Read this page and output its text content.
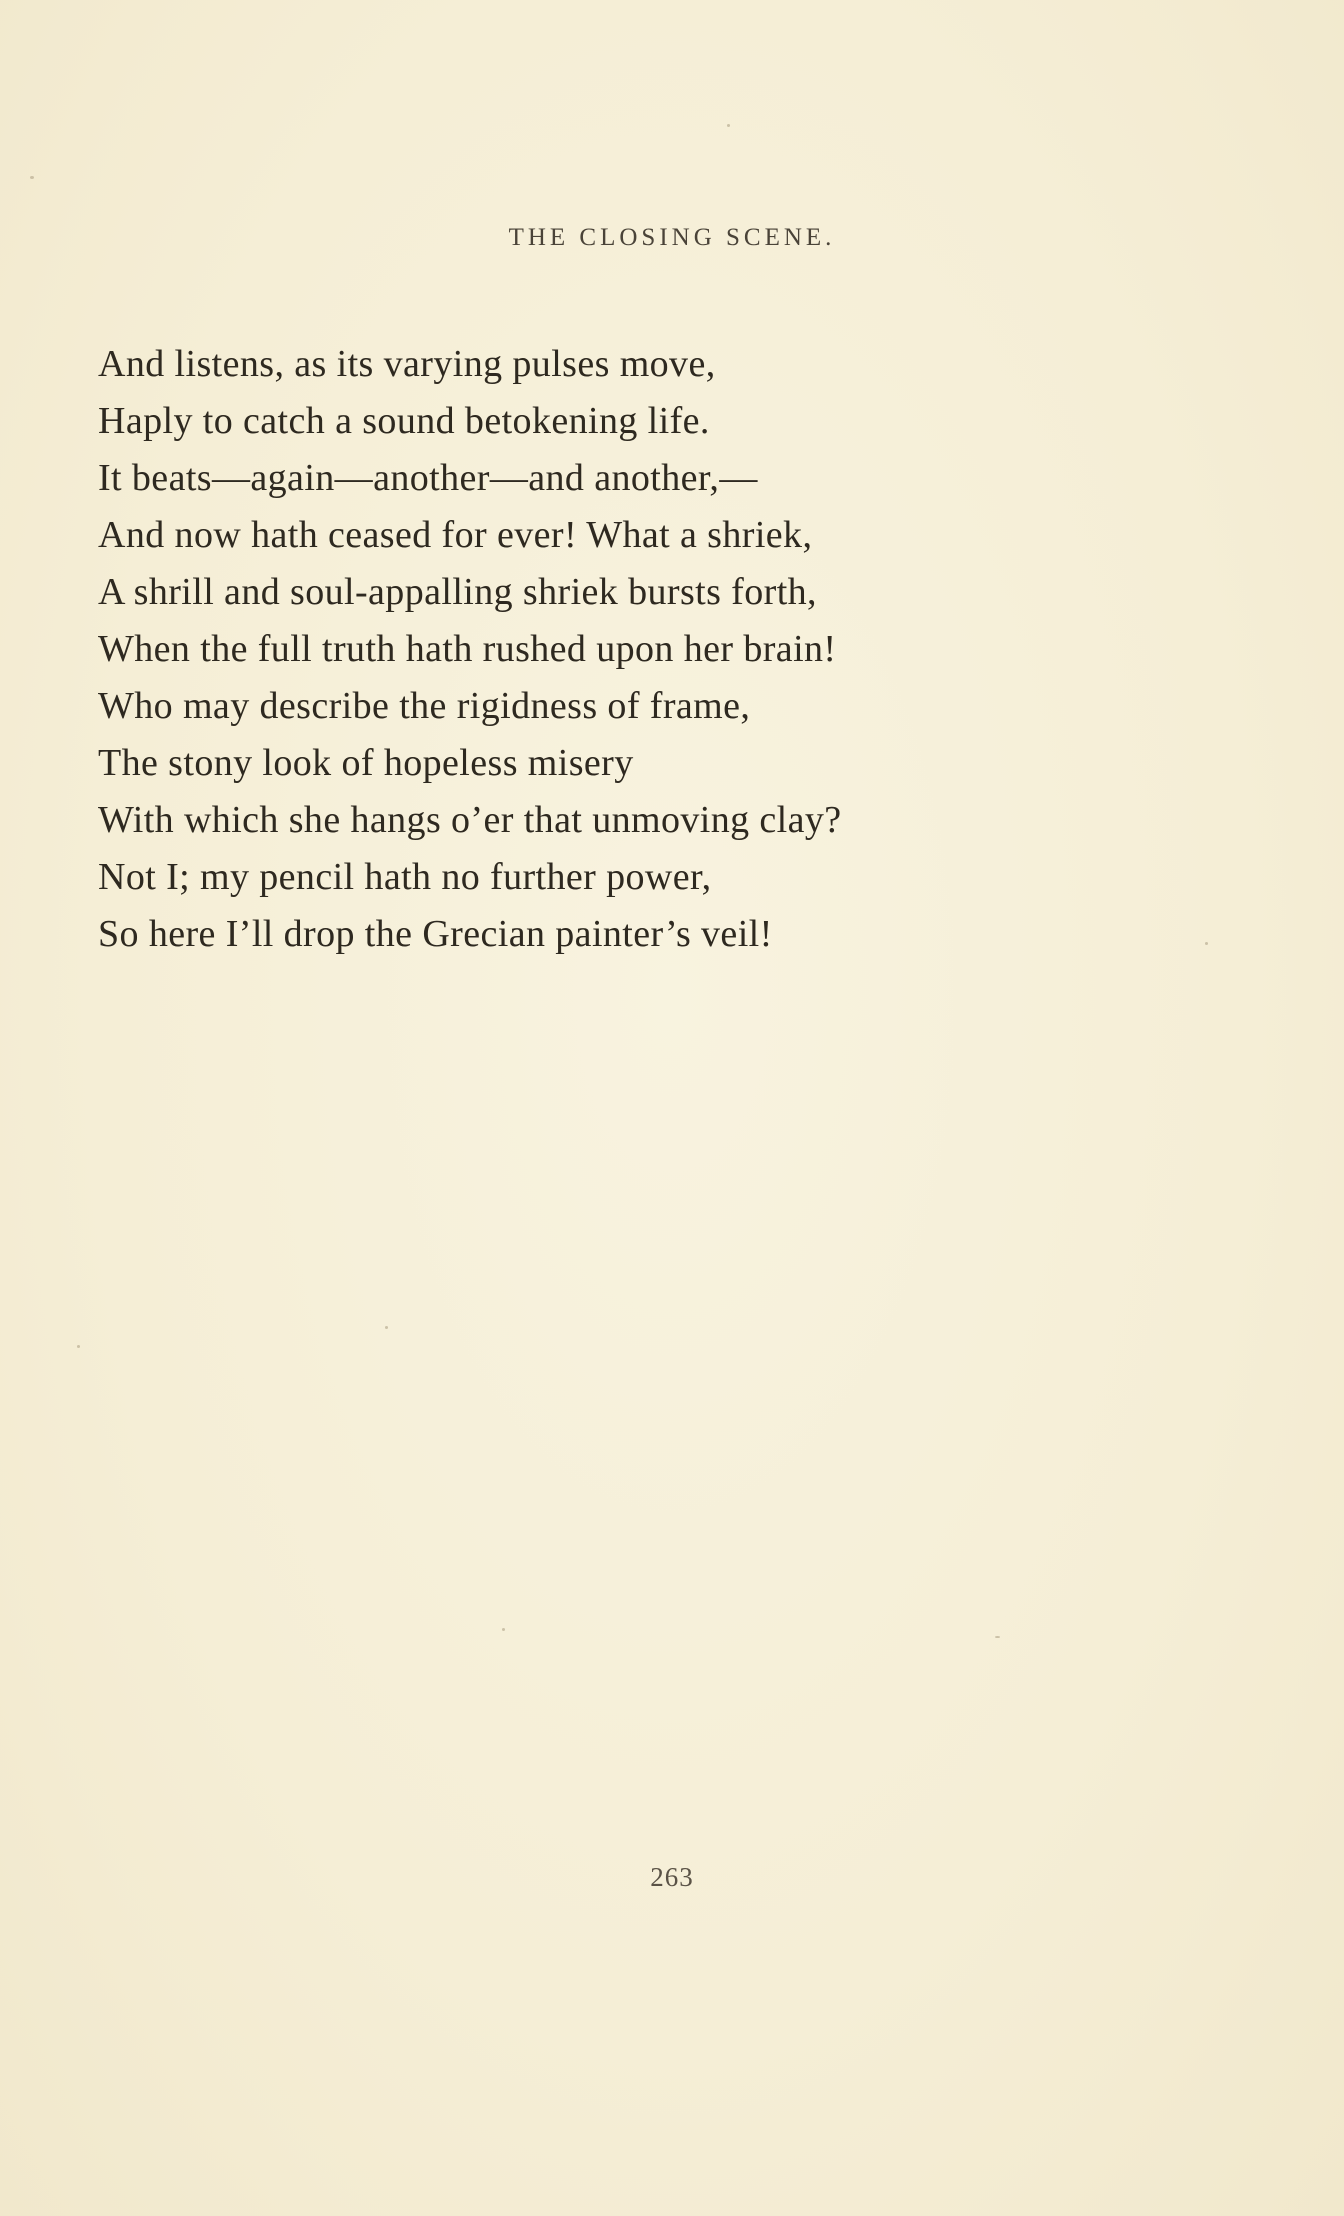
THE CLOSING SCENE.
And listens, as its varying pulses move,
Haply to catch a sound betokening life.
It beats—again—another—and another,—
And now hath ceased for ever! What a shriek,
A shrill and soul-appalling shriek bursts forth,
When the full truth hath rushed upon her brain!
Who may describe the rigidness of frame,
The stony look of hopeless misery
With which she hangs o’er that unmoving clay?
Not I; my pencil hath no further power,
So here I’ll drop the Grecian painter’s veil!
263
